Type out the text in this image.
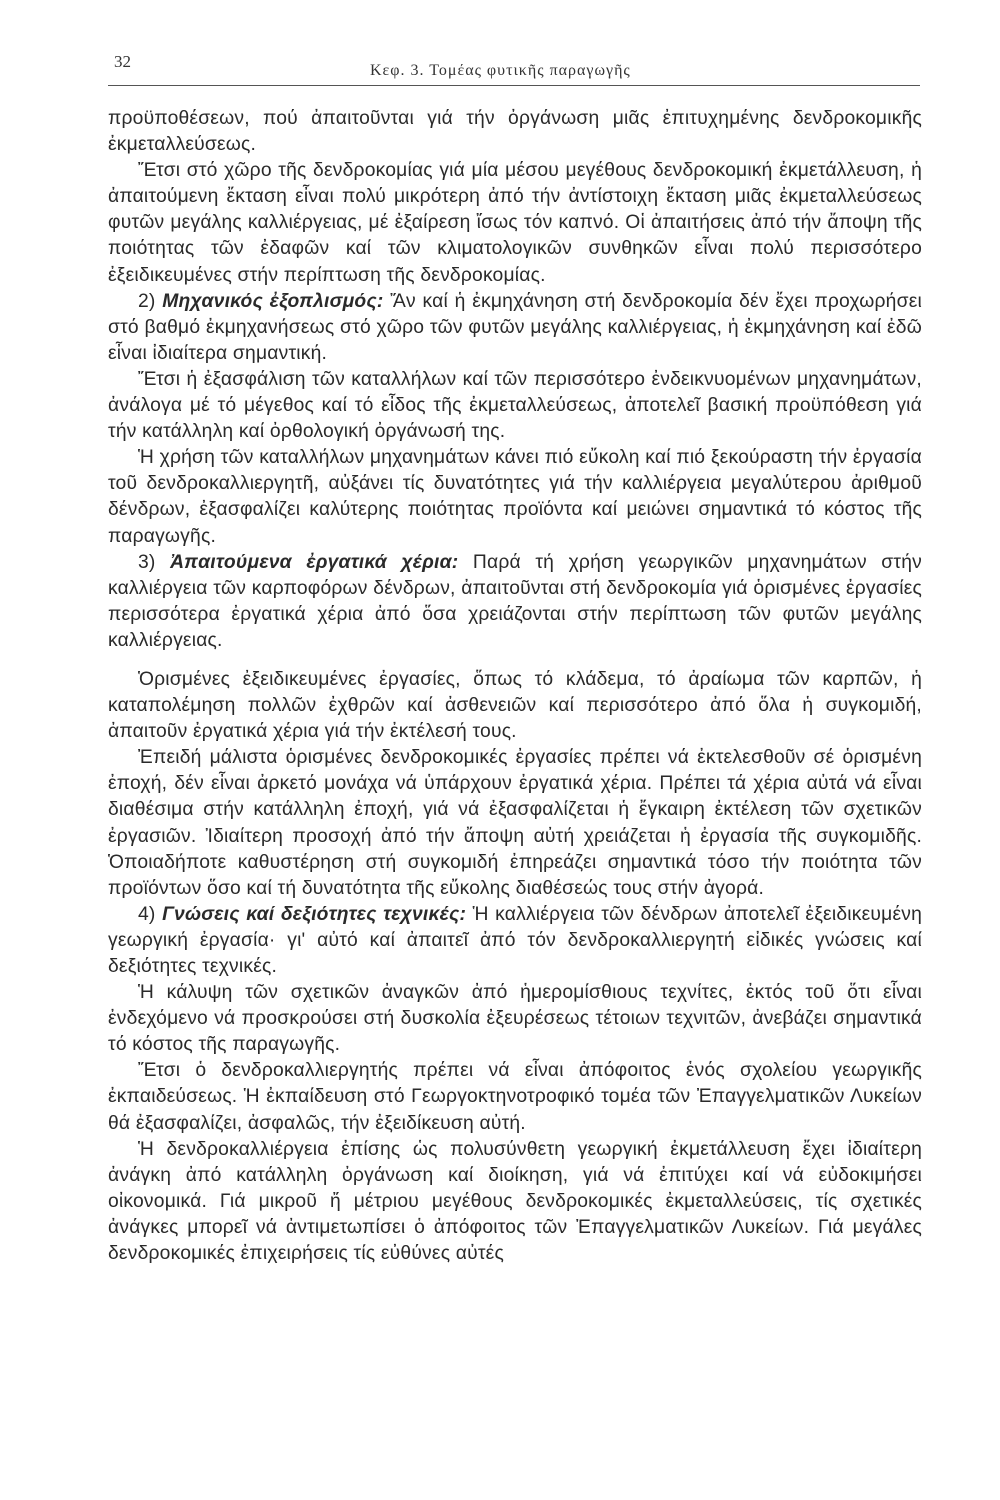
32	Κεφ. 3. Τομέας φυτικῆς παραγωγῆς

προϋποθέσεων, πού ἀπαιτοῦνται γιά τήν ὀργάνωση μιᾶς ἐπιτυχημένης δενδροκομικῆς ἐκμεταλλεύσεως.

Ἔτσι στό χῶρο τῆς δενδροκομίας γιά μία μέσου μεγέθους δενδροκομική ἐκμετάλλευση, ἡ ἀπαιτούμενη ἔκταση εἶναι πολύ μικρότερη ἀπό τήν ἀντίστοιχη ἔκταση μιᾶς ἐκμεταλλεύσεως φυτῶν μεγάλης καλλιέργειας, μέ ἐξαίρεση ἴσως τόν καπνό. Οἱ ἀπαιτήσεις ἀπό τήν ἄποψη τῆς ποιότητας τῶν ἐδαφῶν καί τῶν κλιματολογικῶν συνθηκῶν εἶναι πολύ περισσότερο ἐξειδικευμένες στήν περίπτωση τῆς δενδροκομίας.

2) Μηχανικός ἐξοπλισμός: Ἄν καί ἡ ἐκμηχάνηση στή δενδροκομία δέν ἔχει προχωρήσει στό βαθμό ἐκμηχανήσεως στό χῶρο τῶν φυτῶν μεγάλης καλλιέργειας, ἡ ἐκμηχάνηση καί ἐδῶ εἶναι ἰδιαίτερα σημαντική.

Ἔτσι ἡ ἐξασφάλιση τῶν καταλλήλων καί τῶν περισσότερο ἐνδεικνυομένων μηχανημάτων, ἀνάλογα μέ τό μέγεθος καί τό εἶδος τῆς ἐκμεταλλεύσεως, ἀποτελεῖ βασική προϋπόθεση γιά τήν κατάλληλη καί ὀρθολογική ὀργάνωσή της.

Ἡ χρήση τῶν καταλλήλων μηχανημάτων κάνει πιό εὔκολη καί πιό ξεκούραστη τήν ἐργασία τοῦ δενδροκαλλιεργητῆ, αὐξάνει τίς δυνατότητες γιά τήν καλλιέργεια μεγαλύτερου ἀριθμοῦ δένδρων, ἐξασφαλίζει καλύτερης ποιότητας προϊόντα καί μειώνει σημαντικά τό κόστος τῆς παραγωγῆς.

3) Ἀπαιτούμενα ἐργατικά χέρια: Παρά τή χρήση γεωργικῶν μηχανημάτων στήν καλλιέργεια τῶν καρποφόρων δένδρων, ἀπαιτοῦνται στή δενδροκομία γιά ὁρισμένες ἐργασίες περισσότερα ἐργατικά χέρια ἀπό ὅσα χρειάζονται στήν περίπτωση τῶν φυτῶν μεγάλης καλλιέργειας.

Ὁρισμένες ἐξειδικευμένες ἐργασίες, ὅπως τό κλάδεμα, τό ἀραίωμα τῶν καρπῶν, ἡ καταπολέμηση πολλῶν ἐχθρῶν καί ἀσθενειῶν καί περισσότερο ἀπό ὅλα ἡ συγκομιδή, ἀπαιτοῦν ἐργατικά χέρια γιά τήν ἐκτέλεσή τους.

Ἐπειδή μάλιστα ὁρισμένες δενδροκομικές ἐργασίες πρέπει νά ἐκτελεσθοῦν σέ ὁρισμένη ἐποχή, δέν εἶναι ἀρκετό μονάχα νά ὑπάρχουν ἐργατικά χέρια. Πρέπει τά χέρια αὐτά νά εἶναι διαθέσιμα στήν κατάλληλη ἐποχή, γιά νά ἐξασφαλίζεται ἡ ἔγκαιρη ἐκτέλεση τῶν σχετικῶν ἐργασιῶν. Ἰδιαίτερη προσοχή ἀπό τήν ἄποψη αὐτή χρειάζεται ἡ ἐργασία τῆς συγκομιδῆς. Ὁποιαδήποτε καθυστέρηση στή συγκομιδή ἐπηρεάζει σημαντικά τόσο τήν ποιότητα τῶν προϊόντων ὅσο καί τή δυνατότητα τῆς εὔκολης διαθέσεώς τους στήν ἀγορά.

4) Γνώσεις καί δεξιότητες τεχνικές: Ἡ καλλιέργεια τῶν δένδρων ἀποτελεῖ ἐξειδικευμένη γεωργική ἐργασία· γι' αὐτό καί ἀπαιτεῖ ἀπό τόν δενδροκαλλιεργητή εἰδικές γνώσεις καί δεξιότητες τεχνικές.

Ἡ κάλυψη τῶν σχετικῶν ἀναγκῶν ἀπό ἡμερομίσθιους τεχνίτες, ἐκτός τοῦ ὅτι εἶναι ἐνδεχόμενο νά προσκρούσει στή δυσκολία ἐξευρέσεως τέτοιων τεχνιτῶν, ἀνεβάζει σημαντικά τό κόστος τῆς παραγωγῆς.

Ἔτσι ὁ δενδροκαλλιεργητής πρέπει νά εἶναι ἀπόφοιτος ἑνός σχολείου γεωργικῆς ἐκπαιδεύσεως. Ἡ ἐκπαίδευση στό Γεωργοκτηνοτροφικό τομέα τῶν Ἐπαγγελματικῶν Λυκείων θά ἐξασφαλίζει, ἀσφαλῶς, τήν ἐξειδίκευση αὐτή.

Ἡ δενδροκαλλιέργεια ἐπίσης ὡς πολυσύνθετη γεωργική ἐκμετάλλευση ἔχει ἰδιαίτερη ἀνάγκη ἀπό κατάλληλη ὀργάνωση καί διοίκηση, γιά νά ἐπιτύχει καί νά εὐδοκιμήσει οἰκονομικά. Γιά μικροῦ ἤ μέτριου μεγέθους δενδροκομικές ἐκμεταλλεύσεις, τίς σχετικές ἀνάγκες μπορεῖ νά ἀντιμετωπίσει ὁ ἀπόφοιτος τῶν Ἐπαγγελματικῶν Λυκείων. Γιά μεγάλες δενδροκομικές ἐπιχειρήσεις τίς εὐθύνες αὐτές
